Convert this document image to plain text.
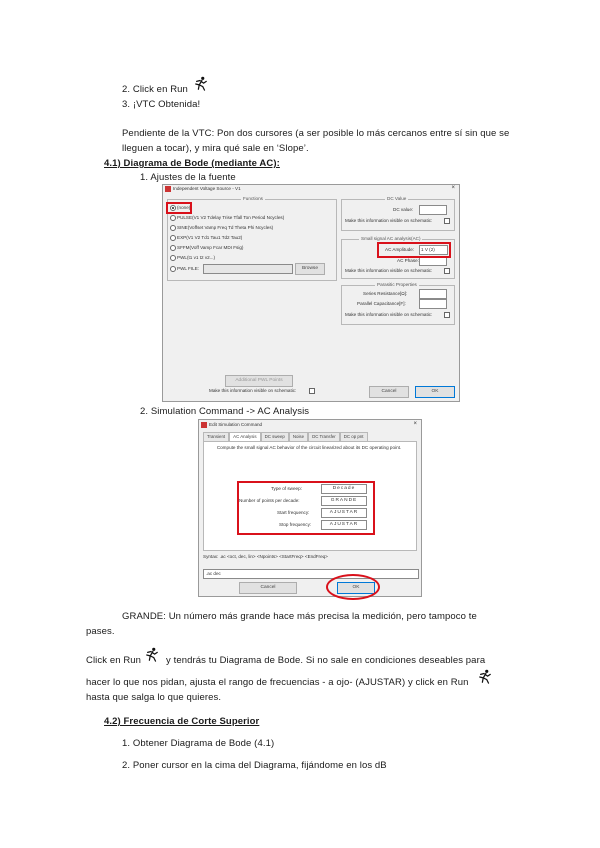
2. Click en Run
3. ¡VTC Obtenida!
Pendiente de la VTC: Pon dos cursores (a ser posible lo más cercanos entre sí sin que se
lleguen a tocar), y mira qué sale en ‘Slope’.
4.1) Diagrama de Bode (mediante AC):
1. Ajustes de la fuente
Independent Voltage Source - V1	×
Functions
(none)
PULSE(V1 V2 Tdelay Trise Tfall Ton Period Ncycles)
SINE(Voffset Vamp Freq Td Theta Phi Ncycles)
EXP(V1 V2 Td1 Tau1 Td2 Tau2)
SFFM(Voff Vamp Fcar MDI Fsig)
PWL(t1 v1 t2 v2...)
PWL FILE:	Browse
DC Value
DC value:
Make this information visible on schematic:
Small signal AC analysis(AC)
AC Amplitude:	1 V (2)
AC Phase:
Make this information visible on schematic:
Parasitic Properties
Series Resistance[Ω]:
Parallel Capacitance[F]:
Make this information visible on schematic:
Additional PWL Points
Make this information visible on schematic:	Cancel	OK
2. Simulation Command -> AC Analysis
Edit Simulation Command	×
Transient AC Analysis DC sweep Noise DC Transfer DC op pnt
Compute the small signal AC behavior of the circuit linearized about its DC operating point.
Type of sweep:	Decade
Number of points per decade:	GRANDE
Start frequency:	AJUSTAR
Stop frequency:	AJUSTAR
Syntax: .ac <oct, dec, lin> <Npoints> <StartFreq> <EndFreq>
.ac dec
Cancel	OK
GRANDE: Un número más grande hace más precisa la medición, pero tampoco te
pases.
Click en Run	y tendrás tu Diagrama de Bode. Si no sale en condiciones deseables para
hacer lo que nos pidan, ajusta el rango de frecuencias - a ojo- (AJUSTAR) y click en Run
hasta que salga lo que quieres.
4.2) Frecuencia de Corte Superior
1. Obtener Diagrama de Bode (4.1)
2. Poner cursor en la cima del Diagrama, fijándome en los dB
